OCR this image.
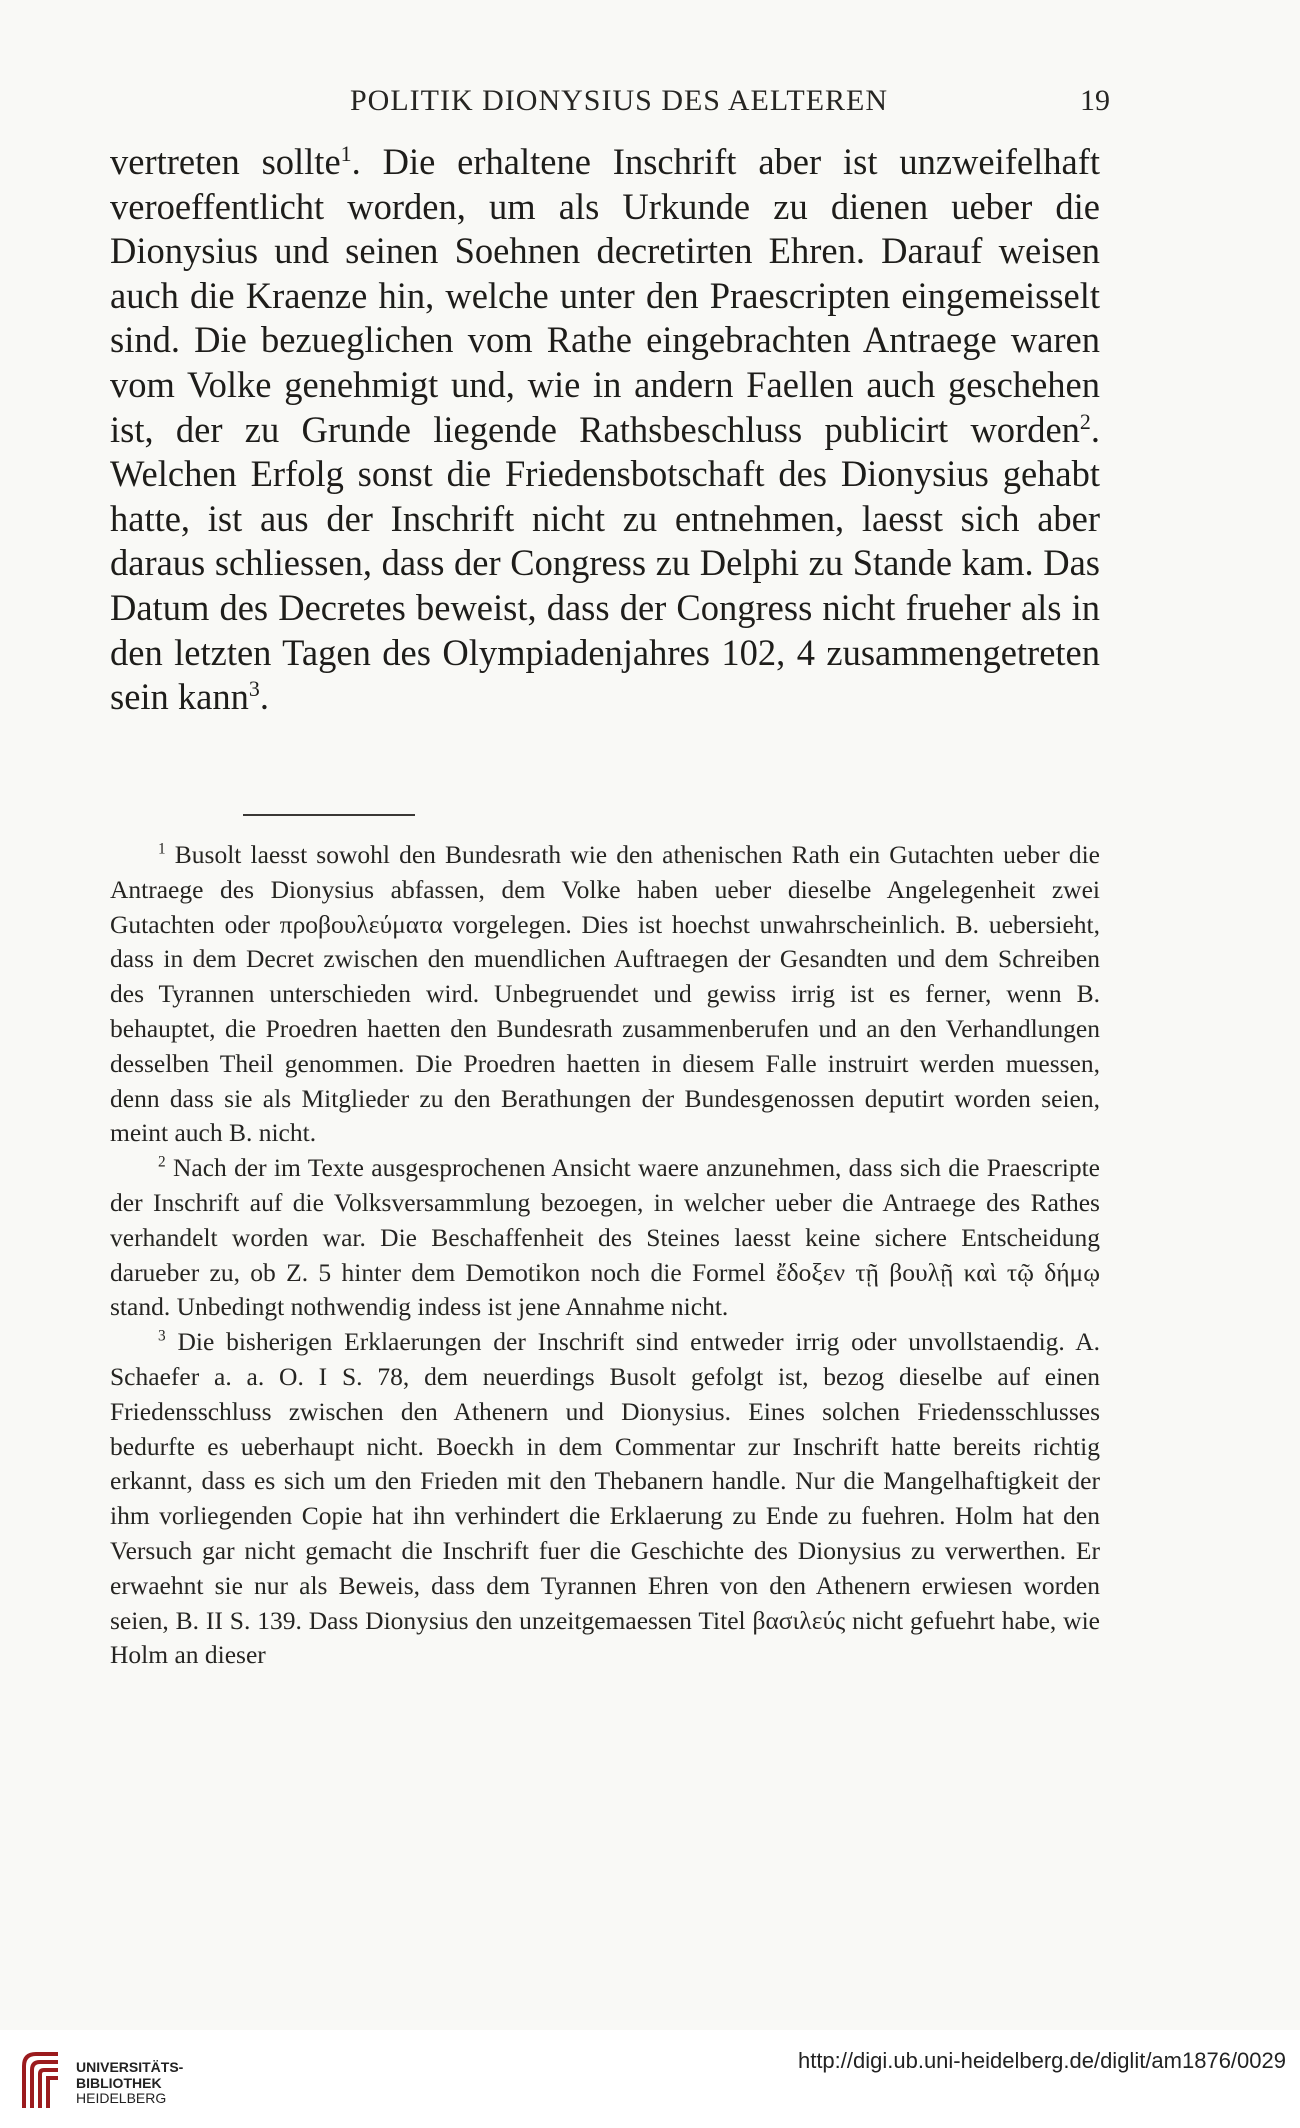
POLITIK DIONYSIUS DES AELTEREN	19

vertreten sollte$^1$. Die erhaltene Inschrift aber ist unzweifelhaft veroeffentlicht worden, um als Urkunde zu dienen ueber die Dionysius und seinen Soehnen decretirten Ehren. Darauf weisen auch die Kraenze hin, welche unter den Praescripten eingemeisselt sind. Die bezueglichen vom Rathe eingebrachten Antraege waren vom Volke genehmigt und, wie in andern Faellen auch geschehen ist, der zu Grunde liegende Rathsbeschluss publicirt worden$^2$. Welchen Erfolg sonst die Friedensbotschaft des Dionysius gehabt hatte, ist aus der Inschrift nicht zu entnehmen, laesst sich aber daraus schliessen, dass der Congress zu Delphi zu Stande kam. Das Datum des Decretes beweist, dass der Congress nicht frueher als in den letzten Tagen des Olympiadenjahres 102, 4 zusammengetreten sein kann$^3$.

$^1$ Busolt laesst sowohl den Bundesrath wie den athenischen Rath ein Gutachten ueber die Antraege des Dionysius abfassen, dem Volke haben ueber dieselbe Angelegenheit zwei Gutachten oder προβουλεύματα vorgelegen. Dies ist hoechst unwahrscheinlich. B. uebersieht, dass in dem Decret zwischen den muendlichen Auftraegen der Gesandten und dem Schreiben des Tyrannen unterschieden wird. Unbegruendet und gewiss irrig ist es ferner, wenn B. behauptet, die Proedren haetten den Bundesrath zusammenberufen und an den Verhandlungen desselben Theil genommen. Die Proedren haetten in diesem Falle instruirt werden muessen, denn dass sie als Mitglieder zu den Berathungen der Bundesgenossen deputirt worden seien, meint auch B. nicht.

$^2$ Nach der im Texte ausgesprochenen Ansicht waere anzunehmen, dass sich die Praescripte der Inschrift auf die Volksversammlung bezoegen, in welcher ueber die Antraege des Rathes verhandelt worden war. Die Beschaffenheit des Steines laesst keine sichere Entscheidung darueber zu, ob Z. 5 hinter dem Demotikon noch die Formel ἔδοξεν τῇ βουλῇ καὶ τῷ δήμῳ stand. Unbedingt nothwendig indess ist jene Annahme nicht.

$^3$ Die bisherigen Erklaerungen der Inschrift sind entweder irrig oder unvollstaendig. A. Schaefer a. a. O. I S. 78, dem neuerdings Busolt gefolgt ist, bezog dieselbe auf einen Friedensschluss zwischen den Athenern und Dionysius. Eines solchen Friedensschlusses bedurfte es ueberhaupt nicht. Boeckh in dem Commentar zur Inschrift hatte bereits richtig erkannt, dass es sich um den Frieden mit den Thebanern handle. Nur die Mangelhaftigkeit der ihm vorliegenden Copie hat ihn verhindert die Erklaerung zu Ende zu fuehren. Holm hat den Versuch gar nicht gemacht die Inschrift fuer die Geschichte des Dionysius zu verwerthen. Er erwaehnt sie nur als Beweis, dass dem Tyrannen Ehren von den Athenern erwiesen worden seien, B. II S. 139. Dass Dionysius den unzeitgemaessen Titel βασιλεύς nicht gefuehrt habe, wie Holm an dieser

UNIVERSITÄTS-
BIBLIOTHEK
HEIDELBERG
http://digi.ub.uni-heidelberg.de/diglit/am1876/0029
